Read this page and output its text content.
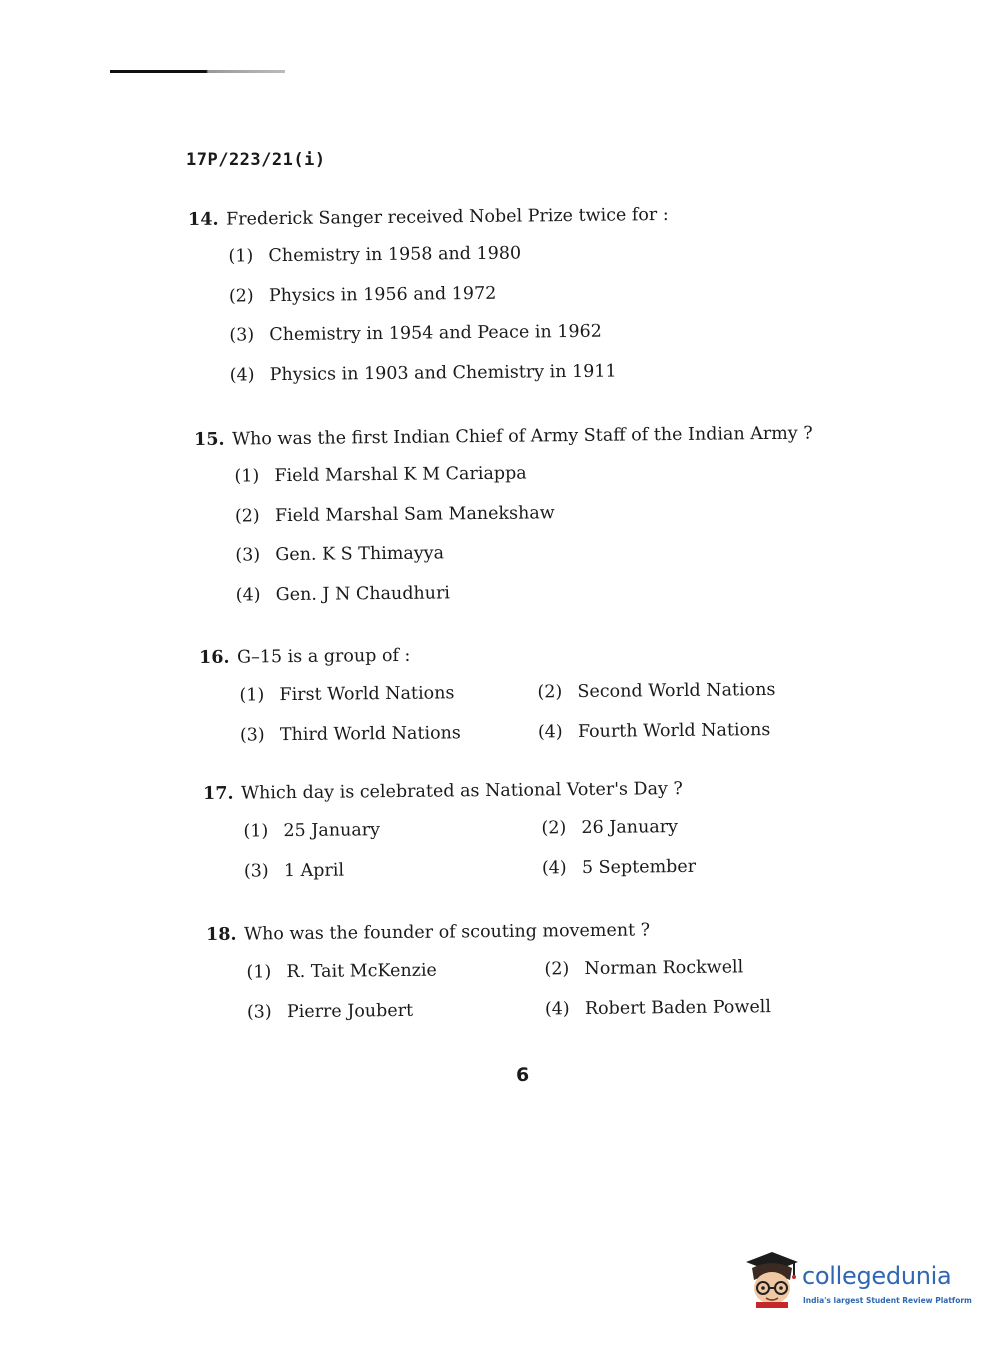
17P/223/21(i)
14. Frederick Sanger received Nobel Prize twice for :
(1) Chemistry in 1958 and 1980
(2) Physics in 1956 and 1972
(3) Chemistry in 1954 and Peace in 1962
(4) Physics in 1903 and Chemistry in 1911
15. Who was the first Indian Chief of Army Staff of the Indian Army ?
(1) Field Marshal K M Cariappa
(2) Field Marshal Sam Manekshaw
(3) Gen. K S Thimayya
(4) Gen. J N Chaudhuri
16. G–15 is a group of :
(1) First World Nations	(2) Second World Nations
(3) Third World Nations	(4) Fourth World Nations
17. Which day is celebrated as National Voter's Day ?
(1) 25 January	(2) 26 January
(3) 1 April	(4) 5 September
18. Who was the founder of scouting movement ?
(1) R. Tait McKenzie	(2) Norman Rockwell
(3) Pierre Joubert	(4) Robert Baden Powell
6
collegedunia
India's largest Student Review Platform
